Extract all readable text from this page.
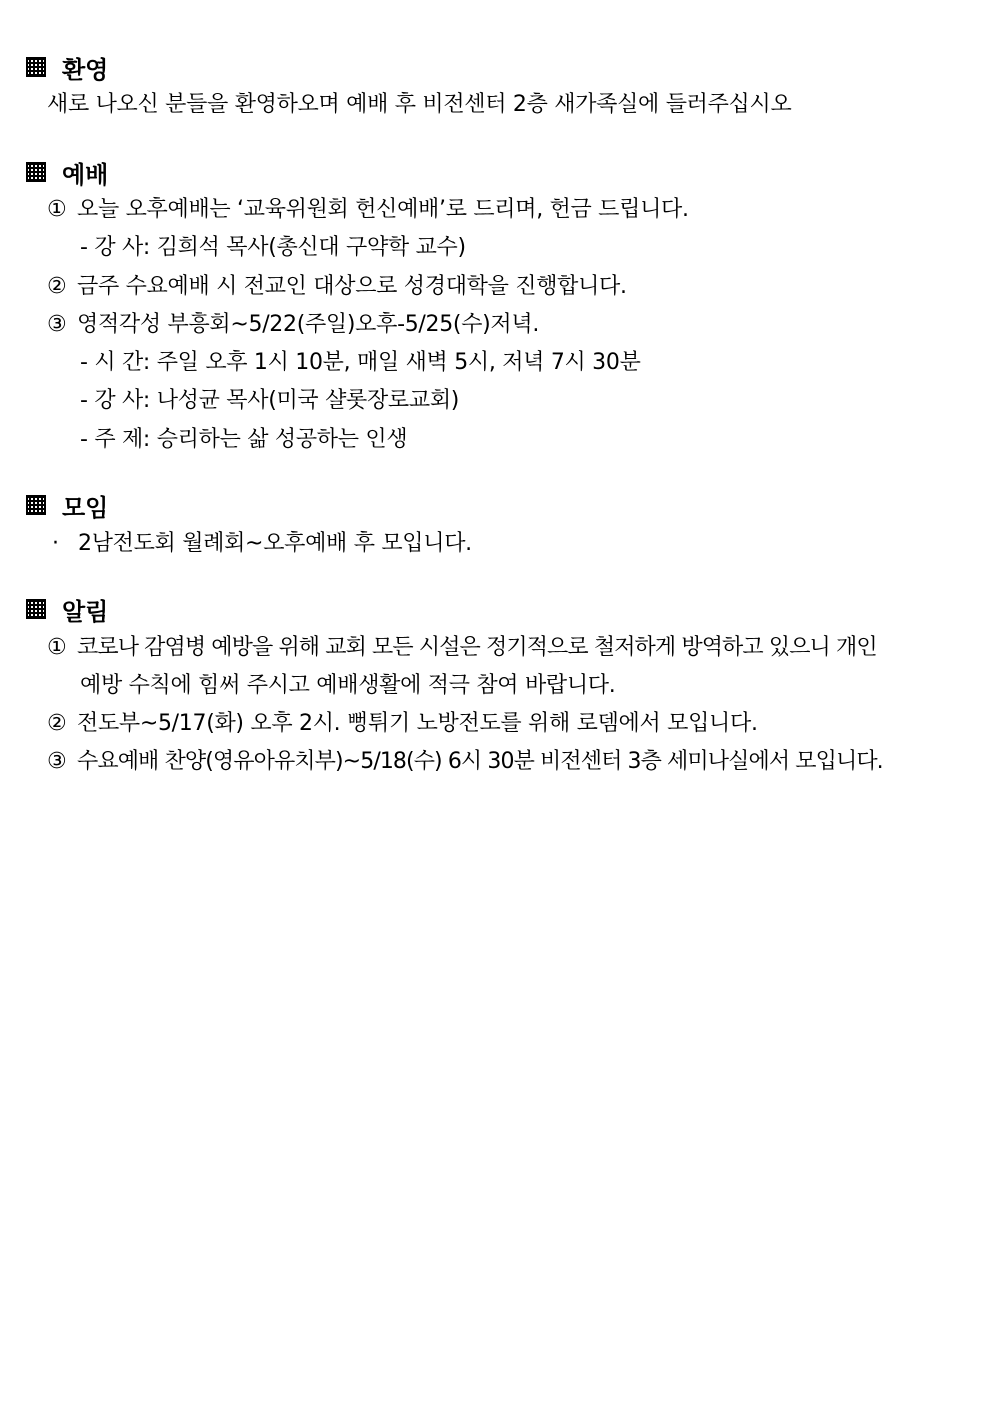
환영
새로 나오신 분들을 환영하오며 예배 후 비전센터 2층 새가족실에 들러주십시오
예배
① 오늘 오후예배는 ‘교육위원회 헌신예배’로 드리며, 헌금 드립니다.
- 강 사: 김희석 목사(총신대 구약학 교수)
② 금주 수요예배 시 전교인 대상으로 성경대학을 진행합니다.
③ 영적각성 부흥회~5/22(주일)오후-5/25(수)저녁.
- 시 간: 주일 오후 1시 10분, 매일 새벽 5시, 저녁 7시 30분
- 강 사: 나성균 목사(미국 샬롯장로교회)
- 주 제: 승리하는 삶 성공하는 인생
모임
· 2남전도회 월례회~오후예배 후 모입니다.
알림
① 코로나 감염병 예방을 위해 교회 모든 시설은 정기적으로 철저하게 방역하고 있으니 개인
예방 수칙에 힘써 주시고 예배생활에 적극 참여 바랍니다.
② 전도부~5/17(화) 오후 2시. 뻥튀기 노방전도를 위해 로뎀에서 모입니다.
③ 수요예배 찬양(영유아유치부)~5/18(수) 6시 30분 비전센터 3층 세미나실에서 모입니다.
